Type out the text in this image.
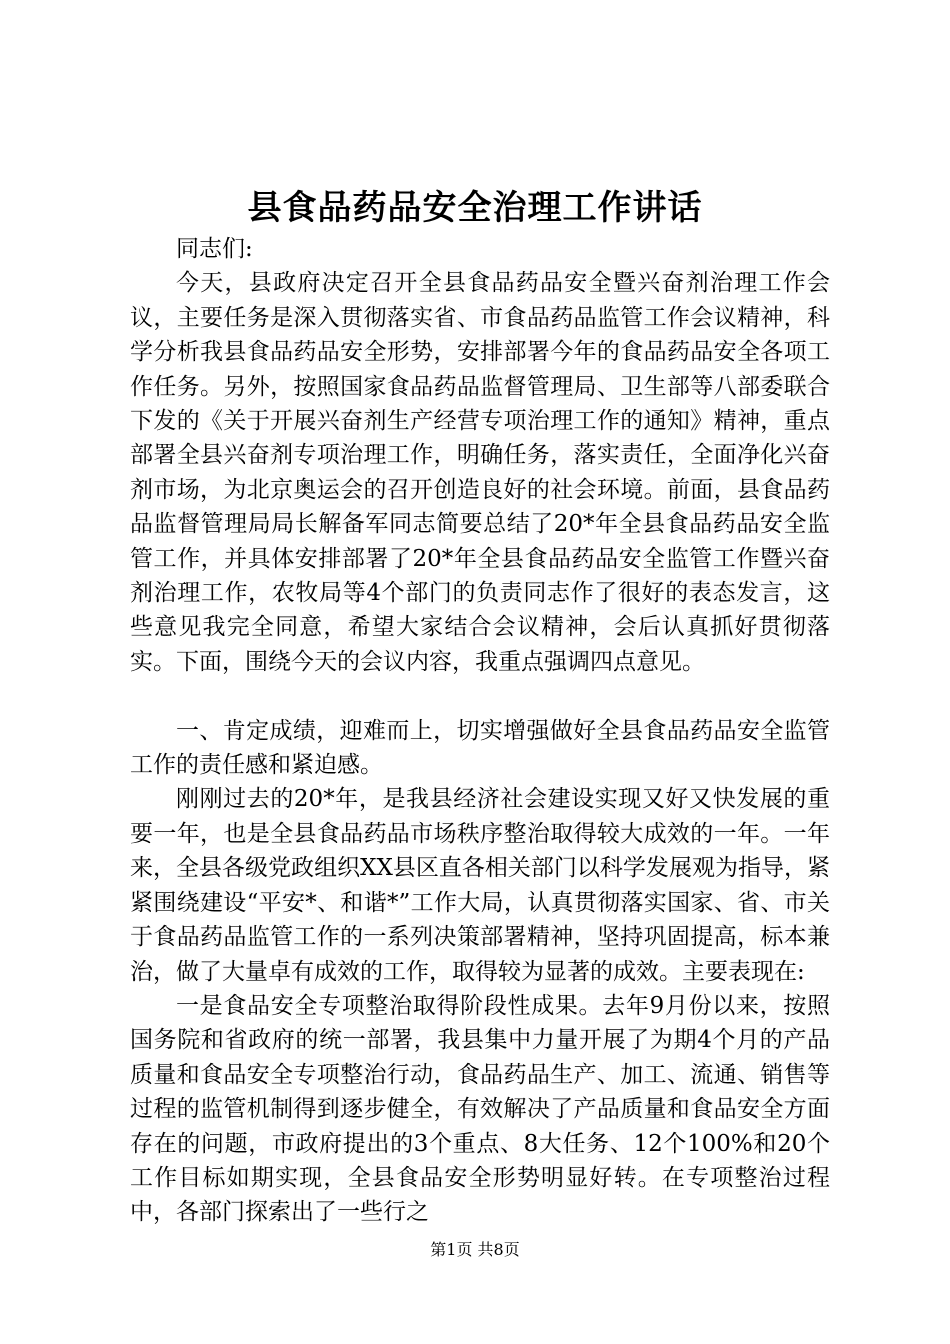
县食品药品安全治理工作讲话

同志们:

今天，县政府决定召开全县食品药品安全暨兴奋剂治理工作会议，主要任务是深入贯彻落实省、市食品药品监管工作会议精神，科学分析我县食品药品安全形势，安排部署今年的食品药品安全各项工作任务。另外，按照国家食品药品监督管理局、卫生部等八部委联合下发的《关于开展兴奋剂生产经营专项治理工作的通知》精神，重点部署全县兴奋剂专项治理工作，明确任务，落实责任，全面净化兴奋剂市场，为北京奥运会的召开创造良好的社会环境。前面，县食品药品监督管理局局长解备军同志简要总结了20*年全县食品药品安全监管工作，并具体安排部署了20*年全县食品药品安全监管工作暨兴奋剂治理工作，农牧局等4个部门的负责同志作了很好的表态发言，这些意见我完全同意，希望大家结合会议精神，会后认真抓好贯彻落实。下面，围绕今天的会议内容，我重点强调四点意见。

一、肯定成绩，迎难而上，切实增强做好全县食品药品安全监管工作的责任感和紧迫感。

刚刚过去的20*年，是我县经济社会建设实现又好又快发展的重要一年，也是全县食品药品市场秩序整治取得较大成效的一年。一年来，全县各级党政组织XX县区直各相关部门以科学发展观为指导，紧紧围绕建设“平安*、和谐*”工作大局，认真贯彻落实国家、省、市关于食品药品监管工作的一系列决策部署精神，坚持巩固提高，标本兼治，做了大量卓有成效的工作，取得较为显著的成效。主要表现在:

一是食品安全专项整治取得阶段性成果。去年9月份以来，按照国务院和省政府的统一部署，我县集中力量开展了为期4个月的产品质量和食品安全专项整治行动，食品药品生产、加工、流通、销售等过程的监管机制得到逐步健全，有效解决了产品质量和食品安全方面存在的问题，市政府提出的3个重点、8大任务、12个100%和20个工作目标如期实现，全县食品安全形势明显好转。在专项整治过程中，各部门探索出了一些行之

第1页 共8页
